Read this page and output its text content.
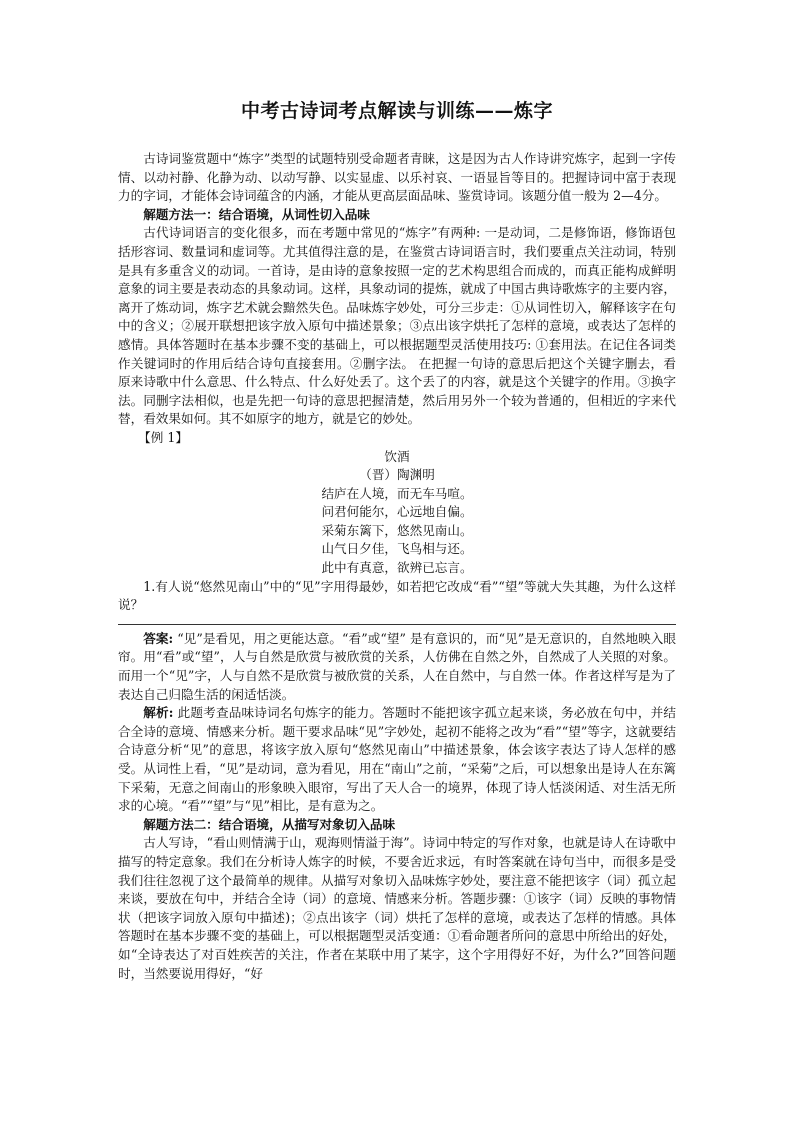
中考古诗词考点解读与训练——炼字

古诗词鉴赏题中“炼字”类型的试题特别受命题者青睐，这是因为古人作诗讲究炼字，起到一字传情、以动衬静、化静为动、以动写静、以实显虚、以乐衬哀、一语显旨等目的。把握诗词中富于表现力的字词，才能体会诗词蕴含的内涵，才能从更高层面品味、鉴赏诗词。该题分值一般为 2—4分。

解题方法一：结合语境，从词性切入品味

古代诗词语言的变化很多，而在考题中常见的“炼字”有两种: 一是动词，二是修饰语，修饰语包括形容词、数量词和虚词等。尤其值得注意的是，在鉴赏古诗词语言时，我们要重点关注动词，特别是具有多重含义的动词。一首诗，是由诗的意象按照一定的艺术构思组合而成的，而真正能构成鲜明意象的词主要是表动态的具象动词。这样，具象动词的提炼，就成了中国古典诗歌炼字的主要内容，离开了炼动词，炼字艺术就会黯然失色。品味炼字妙处，可分三步走：①从词性切入，解释该字在句中的含义；②展开联想把该字放入原句中描述景象；③点出该字烘托了怎样的意境，或表达了怎样的感情。具体答题时在基本步骤不变的基础上，可以根据题型灵活使用技巧: ①套用法。在记住各词类作关键词时的作用后结合诗句直接套用。②删字法。 在把握一句诗的意思后把这个关键字删去，看原来诗歌中什么意思、什么特点、什么好处丢了。这个丢了的内容，就是这个关键字的作用。③换字法。同删字法相似，也是先把一句诗的意思把握清楚，然后用另外一个较为普通的，但相近的字来代替，看效果如何。其不如原字的地方，就是它的妙处。

【例 1】

饮酒

（晋）陶渊明

结庐在人境，而无车马喧。

问君何能尔，心远地自偏。

采菊东篱下，悠然见南山。

山气日夕佳，飞鸟相与还。

此中有真意，欲辨已忘言。

1.有人说“悠然见南山”中的“见”字用得最妙，如若把它改成“看”“望”等就大失其趣，为什么这样说？

答案: “见”是看见，用之更能达意。“看”或“望” 是有意识的，而“见”是无意识的，自然地映入眼帘。用“看”或“望”，人与自然是欣赏与被欣赏的关系，人仿佛在自然之外，自然成了人关照的对象。而用一个“见”字，人与自然不是欣赏与被欣赏的关系，人在自然中，与自然一体。作者这样写是为了表达自己归隐生活的闲适恬淡。

解析: 此题考查品味诗词名句炼字的能力。答题时不能把该字孤立起来谈，务必放在句中，并结合全诗的意境、情感来分析。题干要求品味“见”字妙处，起初不能将之改为“看”“望”等字，这就要结合诗意分析“见”的意思，将该字放入原句“悠然见南山”中描述景象，体会该字表达了诗人怎样的感受。从词性上看，“见”是动词，意为看见，用在“南山”之前，“采菊”之后，可以想象出是诗人在东篱下采菊，无意之间南山的形象映入眼帘，写出了天人合一的境界，体现了诗人恬淡闲适、对生活无所求的心境。“看”“望”与“见”相比，是有意为之。

解题方法二：结合语境，从描写对象切入品味

古人写诗，“看山则情满于山，观海则情溢于海”。诗词中特定的写作对象，也就是诗人在诗歌中描写的特定意象。我们在分析诗人炼字的时候，不要舍近求远，有时答案就在诗句当中，而很多是受我们往往忽视了这个最简单的规律。从描写对象切入品味炼字妙处，要注意不能把该字（词）孤立起来谈，要放在句中，并结合全诗（词）的意境、情感来分析。答题步骤：①该字（词）反映的事物情状（把该字词放入原句中描述)；②点出该字（词）烘托了怎样的意境，或表达了怎样的情感。具体答题时在基本步骤不变的基础上，可以根据题型灵活变通：①看命题者所问的意思中所给出的好处，如“全诗表达了对百姓疾苦的关注，作者在某联中用了某字，这个字用得好不好，为什么?”回答问题时，当然要说用得好，“好
